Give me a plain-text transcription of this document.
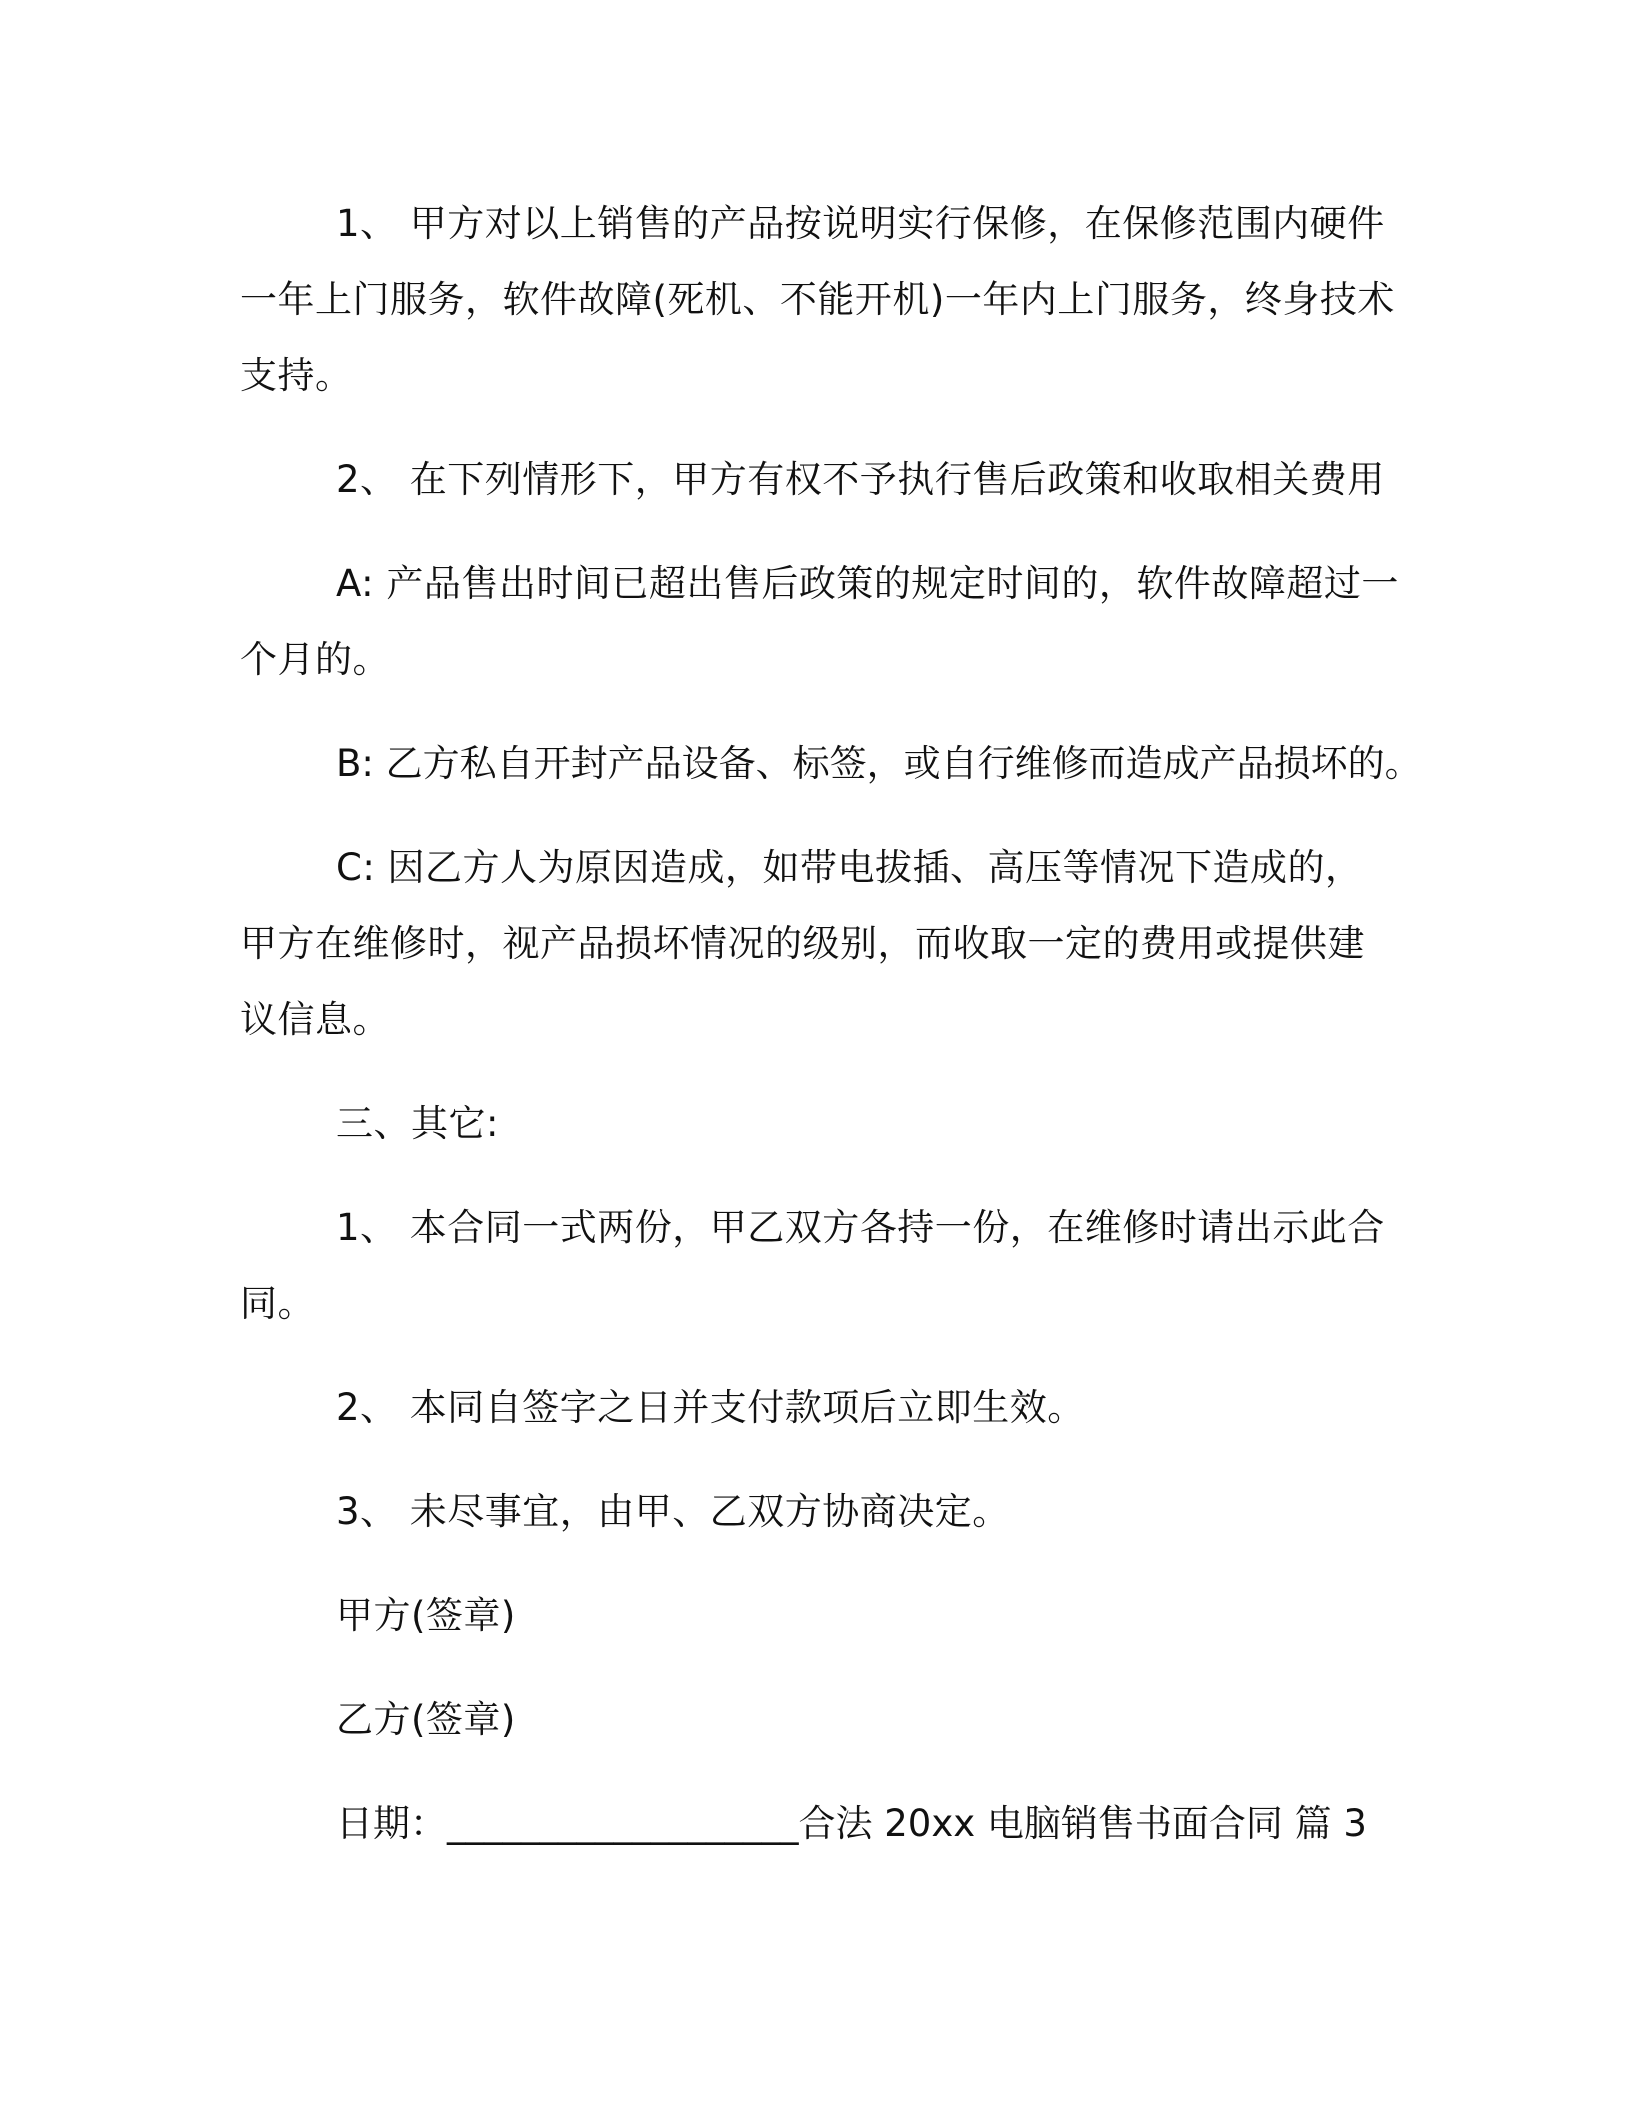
1、 甲方对以上销售的产品按说明实行保修，在保修范围内硬件一年上门服务，软件故障(死机、不能开机)一年内上门服务，终身技术支持。

2、 在下列情形下，甲方有权不予执行售后政策和收取相关费用

A: 产品售出时间已超出售后政策的规定时间的，软件故障超过一个月的。

B: 乙方私自开封产品设备、标签，或自行维修而造成产品损坏的。

C: 因乙方人为原因造成，如带电拔插、高压等情况下造成的，甲方在维修时，视产品损坏情况的级别，而收取一定的费用或提供建议信息。

三、其它:

1、 本合同一式两份，甲乙双方各持一份，在维修时请出示此合同。

2、 本同自签字之日并支付款项后立即生效。

3、 未尽事宜，由甲、乙双方协商决定。

甲方(签章)

乙方(签章)

日期：___________________合法 20xx 电脑销售书面合同 篇 3
